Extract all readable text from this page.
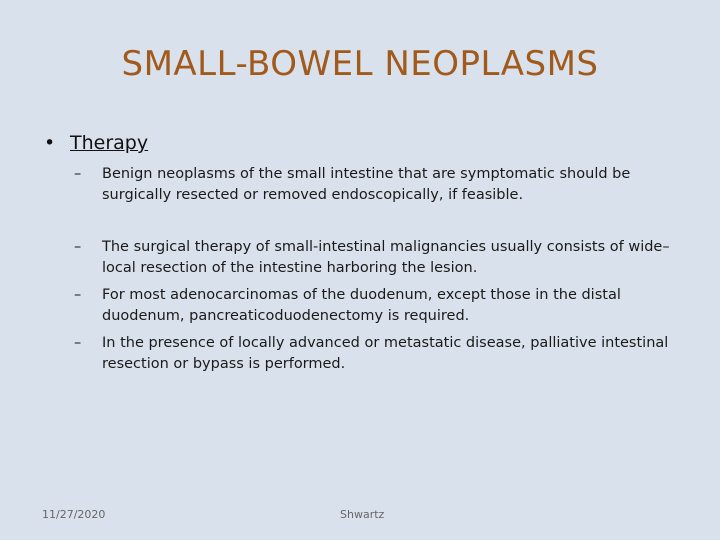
SMALL-BOWEL NEOPLASMS
• Therapy
– Benign neoplasms of the small intestine that are symptomatic should be surgically resected or removed endoscopically, if feasible.
– The surgical therapy of small-intestinal malignancies usually consists of wide–local resection of the intestine harboring the lesion.
– For most adenocarcinomas of the duodenum, except those in the distal duodenum, pancreaticoduodenectomy is required.
– In the presence of locally advanced or metastatic disease, palliative intestinal resection or bypass is performed.
11/27/2020	Shwartz
